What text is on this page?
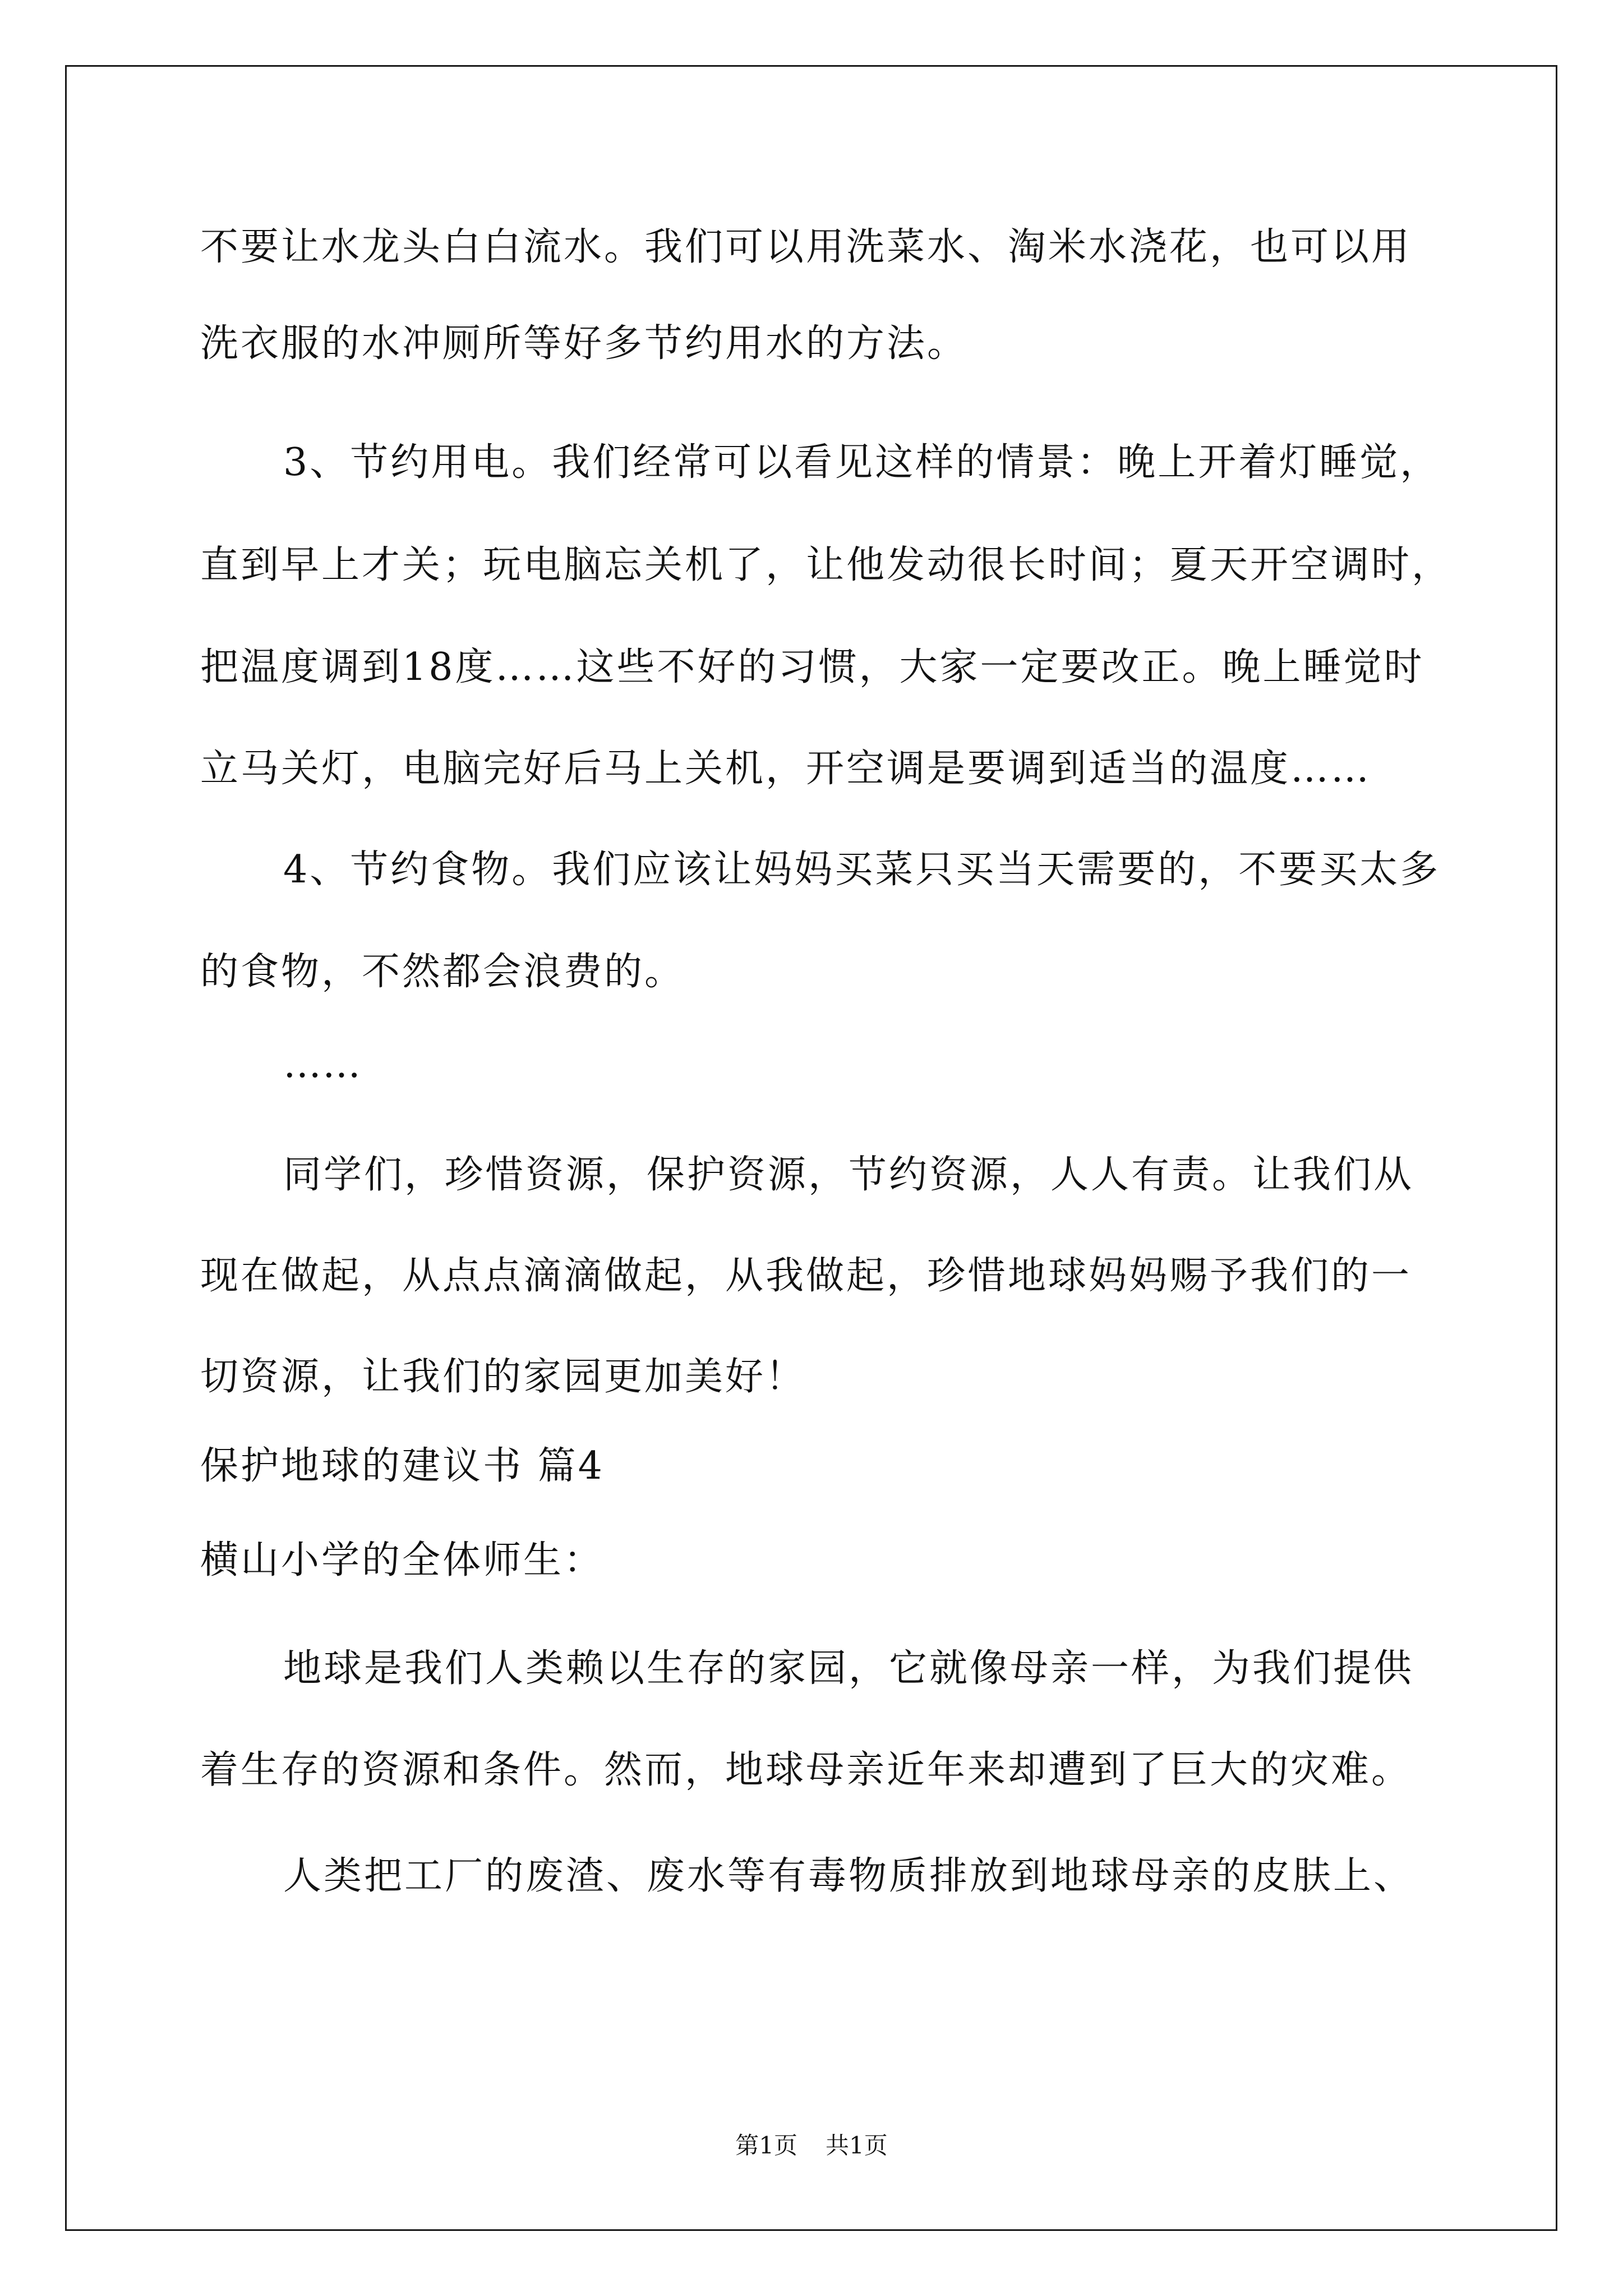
不要让水龙头白白流水。我们可以用洗菜水、淘米水浇花，也可以用
洗衣服的水冲厕所等好多节约用水的方法。
3、节约用电。我们经常可以看见这样的情景：晚上开着灯睡觉，
直到早上才关；玩电脑忘关机了，让他发动很长时间；夏天开空调时，
把温度调到18度……这些不好的习惯，大家一定要改正。晚上睡觉时
立马关灯，电脑完好后马上关机，开空调是要调到适当的温度……
4、节约食物。我们应该让妈妈买菜只买当天需要的，不要买太多
的食物，不然都会浪费的。
……
同学们，珍惜资源，保护资源，节约资源，人人有责。让我们从
现在做起，从点点滴滴做起，从我做起，珍惜地球妈妈赐予我们的一
切资源，让我们的家园更加美好！
保护地球的建议书 篇4
横山小学的全体师生：
地球是我们人类赖以生存的家园，它就像母亲一样，为我们提供
着生存的资源和条件。然而，地球母亲近年来却遭到了巨大的灾难。
人类把工厂的废渣、废水等有毒物质排放到地球母亲的皮肤上、
第1页 共1页
